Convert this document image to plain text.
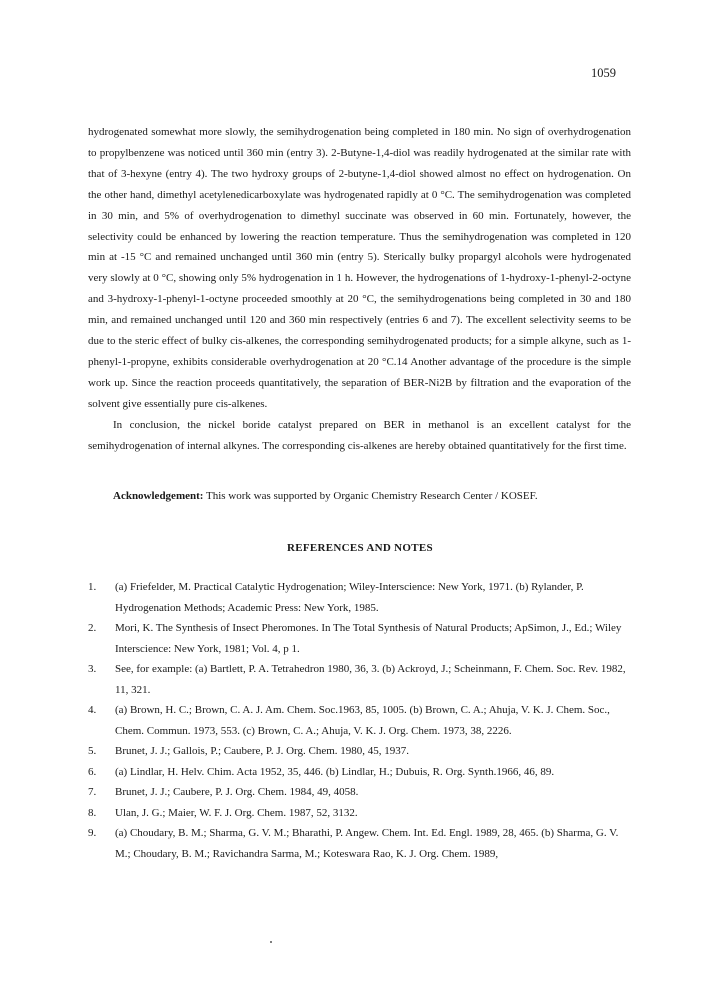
1059

hydrogenated somewhat more slowly, the semihydrogenation being completed in 180 min. No sign of overhydrogenation to propylbenzene was noticed until 360 min (entry 3). 2-Butyne-1,4-diol was readily hydrogenated at the similar rate with that of 3-hexyne (entry 4). The two hydroxy groups of 2-butyne-1,4-diol showed almost no effect on hydrogenation. On the other hand, dimethyl acetylenedicarboxylate was hydrogenated rapidly at 0 °C. The semihydrogenation was completed in 30 min, and 5% of overhydrogenation to dimethyl succinate was observed in 60 min. Fortunately, however, the selectivity could be enhanced by lowering the reaction temperature. Thus the semihydrogenation was completed in 120 min at -15 °C and remained unchanged until 360 min (entry 5). Sterically bulky propargyl alcohols were hydrogenated very slowly at 0 °C, showing only 5% hydrogenation in 1 h. However, the hydrogenations of 1-hydroxy-1-phenyl-2-octyne and 3-hydroxy-1-phenyl-1-octyne proceeded smoothly at 20 °C, the semihydrogenations being completed in 30 and 180 min, and remained unchanged until 120 and 360 min respectively (entries 6 and 7). The excellent selectivity seems to be due to the steric effect of bulky cis-alkenes, the corresponding semihydrogenated products; for a simple alkyne, such as 1-phenyl-1-propyne, exhibits considerable overhydrogenation at 20 °C.14 Another advantage of the procedure is the simple work up. Since the reaction proceeds quantitatively, the separation of BER-Ni2B by filtration and the evaporation of the solvent give essentially pure cis-alkenes.

In conclusion, the nickel boride catalyst prepared on BER in methanol is an excellent catalyst for the semihydrogenation of internal alkynes. The corresponding cis-alkenes are hereby obtained quantitatively for the first time.

Acknowledgement: This work was supported by Organic Chemistry Research Center / KOSEF.
REFERENCES AND NOTES
1.	(a) Friefelder, M. Practical Catalytic Hydrogenation; Wiley-Interscience: New York, 1971. (b) Rylander, P. Hydrogenation Methods; Academic Press: New York, 1985.
2.	Mori, K. The Synthesis of Insect Pheromones. In The Total Synthesis of Natural Products; ApSimon, J., Ed.; Wiley Interscience: New York, 1981; Vol. 4, p 1.
3.	See, for example: (a) Bartlett, P. A. Tetrahedron 1980, 36, 3. (b) Ackroyd, J.; Scheinmann, F. Chem. Soc. Rev. 1982, 11, 321.
4.	(a) Brown, H. C.; Brown, C. A. J. Am. Chem. Soc.1963, 85, 1005. (b) Brown, C. A.; Ahuja, V. K. J. Chem. Soc., Chem. Commun. 1973, 553. (c) Brown, C. A.; Ahuja, V. K. J. Org. Chem. 1973, 38, 2226.
5.	Brunet, J. J.; Gallois, P.; Caubere, P. J. Org. Chem. 1980, 45, 1937.
6.	(a) Lindlar, H. Helv. Chim. Acta 1952, 35, 446. (b) Lindlar, H.; Dubuis, R. Org. Synth.1966, 46, 89.
7.	Brunet, J. J.; Caubere, P. J. Org. Chem. 1984, 49, 4058.
8.	Ulan, J. G.; Maier, W. F. J. Org. Chem. 1987, 52, 3132.
9.	(a) Choudary, B. M.; Sharma, G. V. M.; Bharathi, P. Angew. Chem. Int. Ed. Engl. 1989, 28, 465. (b) Sharma, G. V. M.; Choudary, B. M.; Ravichandra Sarma, M.; Koteswara Rao, K. J. Org. Chem. 1989,
